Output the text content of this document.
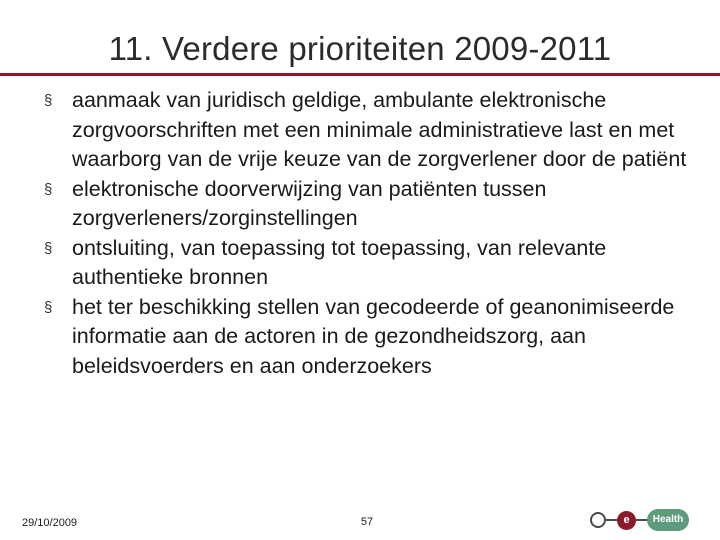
11. Verdere prioriteiten 2009-2011
§ aanmaak van juridisch geldige, ambulante elektronische zorgvoorschriften met een minimale administratieve last en met waarborg van de vrije keuze van de zorgverlener door de patiënt
§ elektronische doorverwijzing van patiënten tussen zorgverleners/zorginstellingen
§ ontsluiting, van toepassing tot toepassing, van relevante authentieke bronnen
§ het ter beschikking stellen van gecodeerde of geanonimiseerde informatie aan de actoren in de gezondheidszorg, aan beleidsvoerders en aan onderzoekers
29/10/2009	57	e	Health
